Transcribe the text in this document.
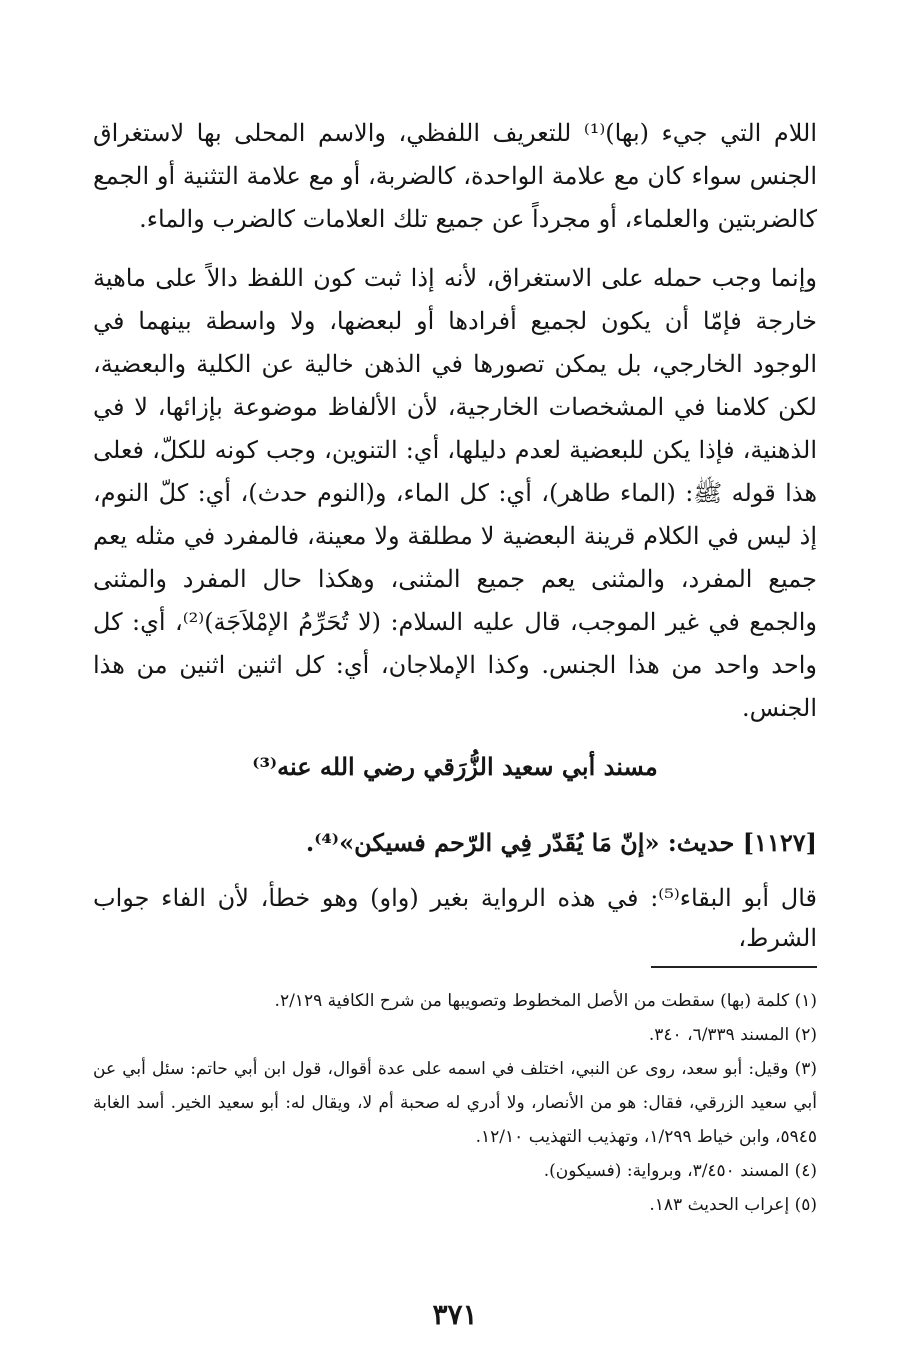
اللام التي جيء (بها)⁽¹⁾ للتعريف اللفظي، والاسم المحلى بها لاستغراق الجنس سواء كان مع علامة الواحدة، كالضربة، أو مع علامة التثنية أو الجمع كالضربتين والعلماء، أو مجرداً عن جميع تلك العلامات كالضرب والماء.

وإنما وجب حمله على الاستغراق، لأنه إذا ثبت كون اللفظ دالاً على ماهية خارجة فإمّا أن يكون لجميع أفرادها أو لبعضها، ولا واسطة بينهما في الوجود الخارجي، بل يمكن تصورها في الذهن خالية عن الكلية والبعضية، لكن كلامنا في المشخصات الخارجية، لأن الألفاظ موضوعة بإزائها، لا في الذهنية، فإذا يكن للبعضية لعدم دليلها، أي: التنوين، وجب كونه للكلّ، فعلى هذا قوله ﷺ: (الماء طاهر)، أي: كل الماء، و(النوم حدث)، أي: كلّ النوم، إذ ليس في الكلام قرينة البعضية لا مطلقة ولا معينة، فالمفرد في مثله يعم جميع المفرد، والمثنى يعم جميع المثنى، وهكذا حال المفرد والمثنى والجمع في غير الموجب، قال عليه السلام: (لا تُحَرِّمُ الإمْلاَجَة)⁽²⁾، أي: كل واحد واحد من هذا الجنس. وكذا الإملاجان، أي: كل اثنين اثنين من هذا الجنس.

مسند أبي سعيد الزُّرَقي رضي الله عنه⁽³⁾
[١١٢٧] حديث: «إنّ مَا يُقَدّر فِي الرّحم فسيكن»⁽⁴⁾.

قال أبو البقاء⁽⁵⁾: في هذه الرواية بغير (واو) وهو خطأ، لأن الفاء جواب الشرط،

(١) كلمة (بها) سقطت من الأصل المخطوط وتصويبها من شرح الكافية ٢/١٢٩.

(٢) المسند ٦/٣٣٩، ٣٤٠.

(٣) وقيل: أبو سعد، روى عن النبي، اختلف في اسمه على عدة أقوال، قول ابن أبي حاتم: سئل أبي عن أبي سعيد الزرقي، فقال: هو من الأنصار، ولا أدري له صحبة أم لا، ويقال له: أبو سعيد الخير. أسد الغابة ٥٩٤٥، وابن خياط ١/٢٩٩، وتهذيب التهذيب ١٢/١٠.

(٤) المسند ٣/٤٥٠، وبرواية: (فسيكون).

(٥) إعراب الحديث ١٨٣.

٣٧١
